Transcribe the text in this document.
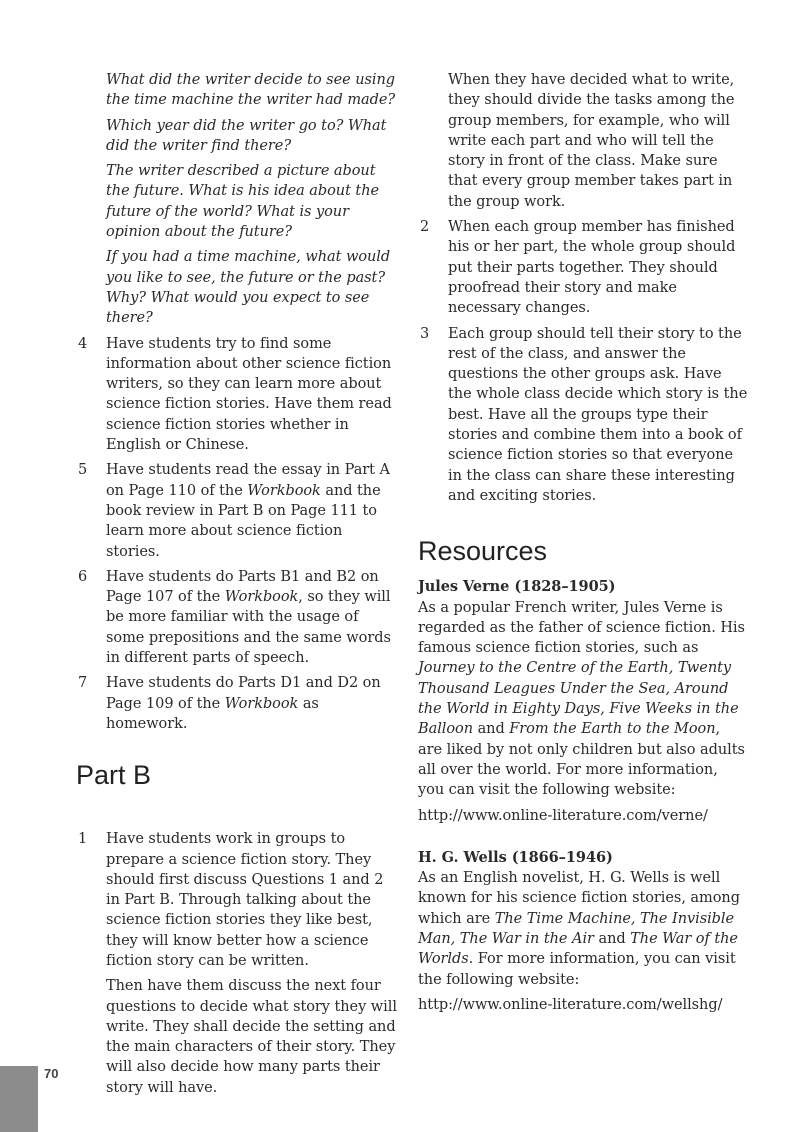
What did the writer decide to see using the time machine the writer had made?

Which year did the writer go to? What did the writer find there?

The writer described a picture about the future. What is his idea about the future of the world? What is your opinion about the future?

If you had a time machine, what would you like to see, the future or the past? Why? What would you expect to see there?

4 Have students try to find some information about other science fiction writers, so they can learn more about science fiction stories. Have them read science fiction stories whether in English or Chinese.
5 Have students read the essay in Part A on Page 110 of the Workbook and the book review in Part B on Page 111 to learn more about science fiction stories.
6 Have students do Parts B1 and B2 on Page 107 of the Workbook, so they will be more familiar with the usage of some prepositions and the same words in different parts of speech.
7 Have students do Parts D1 and D2 on Page 109 of the Workbook as homework.
Part B
1 Have students work in groups to prepare a science fiction story. They should first discuss Questions 1 and 2 in Part B. Through talking about the science fiction stories they like best, they will know better how a science fiction story can be written.

Then have them discuss the next four questions to decide what story they will write. They shall decide the setting and the main characters of their story. They will also decide how many parts their story will have.

When they have decided what to write, they should divide the tasks among the group members, for example, who will write each part and who will tell the story in front of the class. Make sure that every group member takes part in the group work.

2 When each group member has finished his or her part, the whole group should put their parts together. They should proofread their story and make necessary changes.
3 Each group should tell their story to the rest of the class, and answer the questions the other groups ask. Have the whole class decide which story is the best. Have all the groups type their stories and combine them into a book of science fiction stories so that everyone in the class can share these interesting and exciting stories.
Resources
Jules Verne (1828–1905)

As a popular French writer, Jules Verne is regarded as the father of science fiction. His famous science fiction stories, such as Journey to the Centre of the Earth, Twenty Thousand Leagues Under the Sea, Around the World in Eighty Days, Five Weeks in the Balloon and From the Earth to the Moon, are liked by not only children but also adults all over the world. For more information, you can visit the following website:

http://www.online-literature.com/verne/

H. G. Wells (1866–1946)

As an English novelist, H. G. Wells is well known for his science fiction stories, among which are The Time Machine, The Invisible Man, The War in the Air and The War of the Worlds. For more information, you can visit the following website:

http://www.online-literature.com/wellshg/

70
